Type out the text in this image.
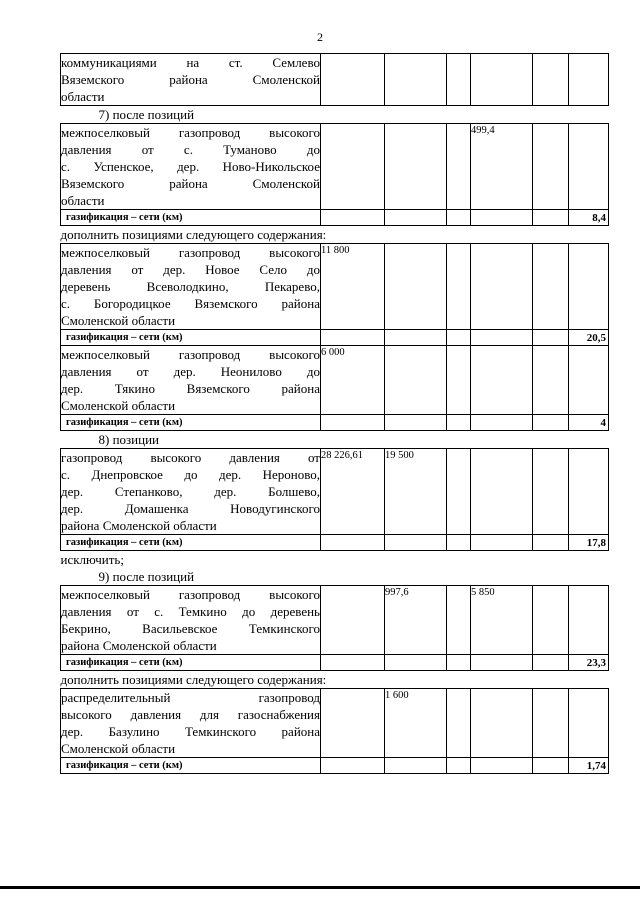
2
коммуникациями на ст. Семлево
Вяземского района Смоленской
области						

7) после позиций						

межпоселковый газопровод высокого
давления от с. Туманово до
с. Успенское, дер. Ново-Никольское
Вяземского района Смоленской
области				499,4		
газификация – сети (км)						8,4
дополнить позициями следующего содержания:						

межпоселковый газопровод высокого
давления от дер. Новое Село до
деревень Всеволодкино, Пекарево,
с. Богородицкое Вяземского района
Смоленской области	11 800					
газификация – сети (км)						20,5

межпоселковый газопровод высокого
давления от дер. Неонилово до
дер. Тякино Вяземского района
Смоленской области	6 000					
газификация – сети (км)						4
8) позиции						

газопровод высокого давления от
с. Днепровское до дер. Нероново,
дер. Степанково, дер. Болшево,
дер. Домашенка Новодугинского
района Смоленской области	28 226,61	19 500				
газификация – сети (км)						17,8
исключить;						
9) после позиций						

межпоселковый газопровод высокого
давления от с. Темкино до деревень
Бекрино, Васильевское Темкинского
района Смоленской области		997,6		5 850		
газификация – сети (км)						23,3
дополнить позициями следующего содержания:						

распределительный газопровод
высокого давления для газоснабжения
дер. Базулино Темкинского района
Смоленской области		1 600				
газификация – сети (км)						1,74
